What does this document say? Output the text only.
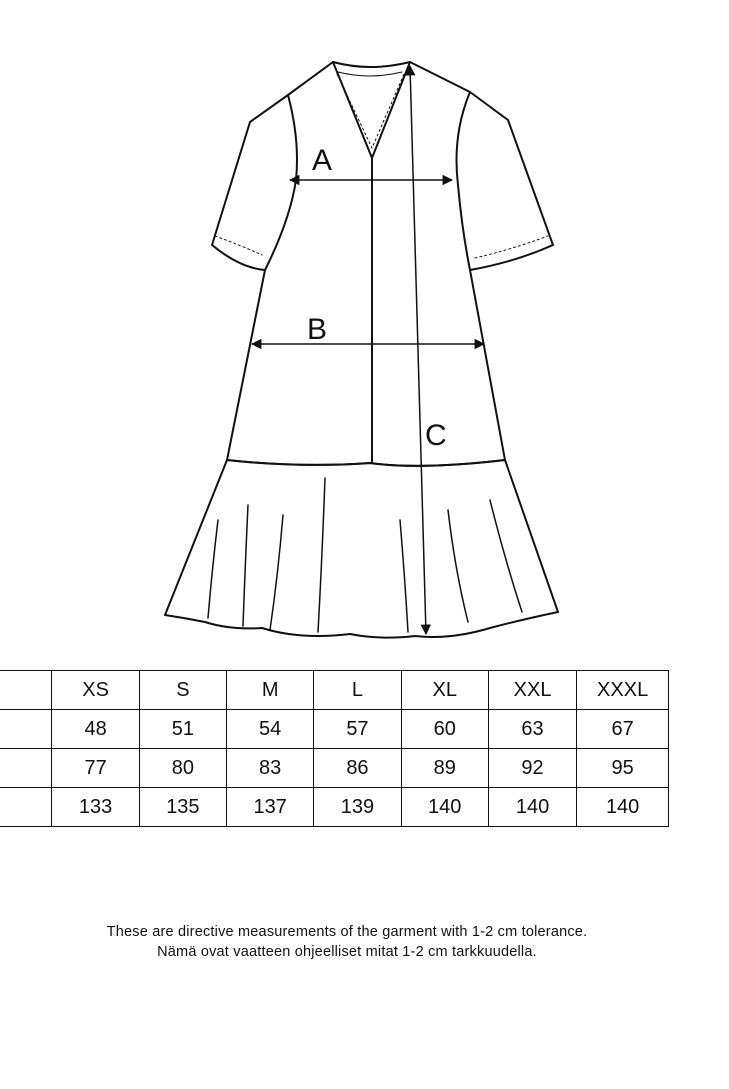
A
B
C
	XS	S	M	L	XL	XXL	XXXL
	48	51	54	57	60	63	67
	77	80	83	86	89	92	95
	133	135	137	139	140	140	140
These are directive measurements of the garment with 1-2 cm tolerance.
Nämä ovat vaatteen ohjeelliset mitat 1-2 cm tarkkuudella.
